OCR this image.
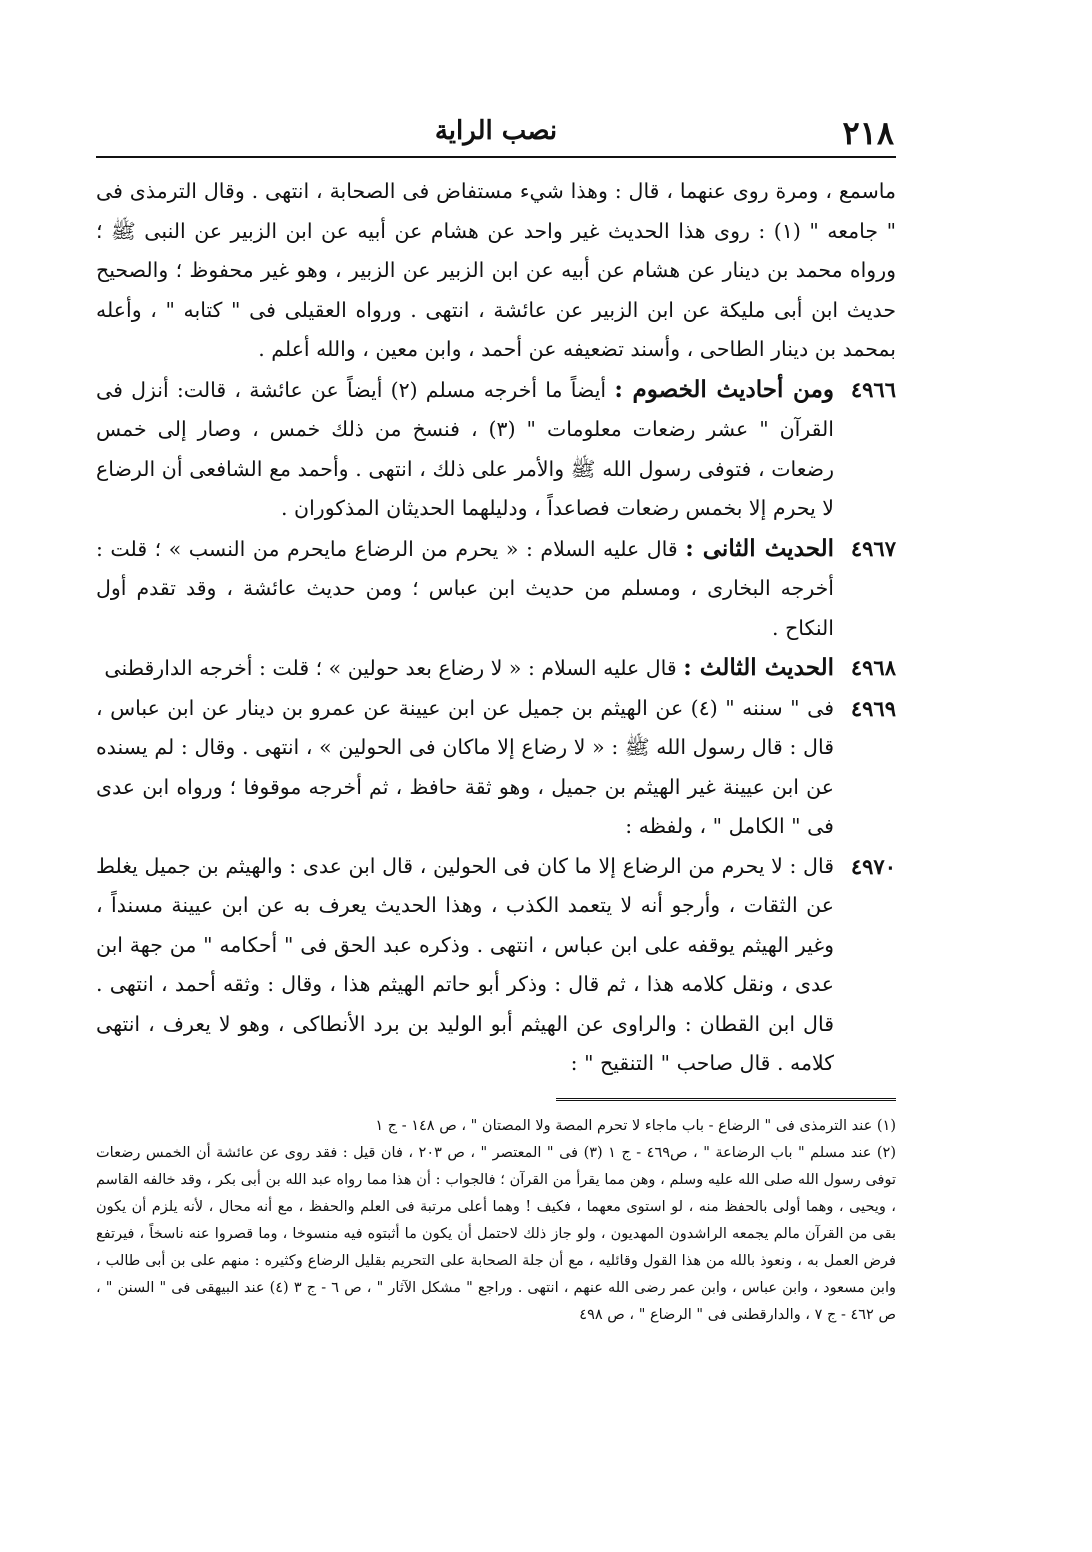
٢١٨
نصب الراية
ماسمع ، ومرة روى عنهما ، قال : وهذا شيء مستفاض فى الصحابة ، انتهى . وقال الترمذى فى " جامعه " (١) : روى هذا الحديث غير واحد عن هشام عن أبيه عن ابن الزبير عن النبى ﷺ ؛ ورواه محمد بن دينار عن هشام عن أبيه عن ابن الزبير عن الزبير ، وهو غير محفوظ ؛ والصحيح حديث ابن أبى مليكة عن ابن الزبير عن عائشة ، انتهى . ورواه العقيلى فى " كتابه " ، وأعله بمحمد بن دينار الطاحى ، وأسند تضعيفه عن أحمد ، وابن معين ، والله أعلم .
٤٩٦٦
ومن أحاديث الخصوم : أيضاً ما أخرجه مسلم (٢) أيضاً عن عائشة ، قالت: أنزل فى القرآن " عشر رضعات معلومات " (٣) ، فنسخ من ذلك خمس ، وصار إلى خمس رضعات ، فتوفى رسول الله ﷺ والأمر على ذلك ، انتهى . وأحمد مع الشافعى أن الرضاع لا يحرم إلا بخمس رضعات فصاعداً ، ودليلهما الحديثان المذكوران .
٤٩٦٧
الحديث الثانى : قال عليه السلام : « يحرم من الرضاع مايحرم من النسب » ؛ قلت : أخرجه البخارى ، ومسلم من حديث ابن عباس ؛ ومن حديث عائشة ، وقد تقدم أول النكاح .
٤٩٦٨
الحديث الثالث : قال عليه السلام : « لا رضاع بعد حولين » ؛ قلت : أخرجه الدارقطنى
٤٩٦٩
فى " سننه " (٤) عن الهيثم بن جميل عن ابن عيينة عن عمرو بن دينار عن ابن عباس ، قال : قال رسول الله ﷺ : « لا رضاع إلا ماكان فى الحولين » ، انتهى . وقال : لم يسنده عن ابن عيينة غير الهيثم بن جميل ، وهو ثقة حافظ ، ثم أخرجه موقوفا ؛ ورواه ابن عدى فى " الكامل " ، ولفظه :
٤٩٧٠
قال : لا يحرم من الرضاع إلا ما كان فى الحولين ، قال ابن عدى : والهيثم بن جميل يغلط عن الثقات ، وأرجو أنه لا يتعمد الكذب ، وهذا الحديث يعرف به عن ابن عيينة مسنداً ، وغير الهيثم يوقفه على ابن عباس ، انتهى . وذكره عبد الحق فى " أحكامه " من جهة ابن عدى ، ونقل كلامه هذا ، ثم قال : وذكر أبو حاتم الهيثم هذا ، وقال : وثقه أحمد ، انتهى . قال ابن القطان : والراوى عن الهيثم أبو الوليد بن برد الأنطاكى ، وهو لا يعرف ، انتهى كلامه . قال صاحب " التنقيح " :

(١) عند الترمذى فى " الرضاع - باب ماجاء لا تحرم المصة ولا المصتان " ، ص ١٤٨ - ج ١

(٢) عند مسلم " باب الرضاعة " ، ص٤٦٩ - ج ١ (٣) فى " المعتصر " ، ص ٢٠٣ ، فان قيل : فقد روى عن عائشة أن الخمس رضعات توفى رسول الله صلى الله عليه وسلم ، وهن مما يقرأ من القرآن ؛ فالجواب : أن هذا مما رواه عبد الله بن أبى بكر ، وقد خالفه القاسم ، ويحيى ، وهما أولى بالحفظ منه ، لو استوى معهما ، فكيف ! وهما أعلى مرتبة فى العلم والحفظ ، مع أنه محال ، لأنه يلزم أن يكون بقى من القرآن مالم يجمعه الراشدون المهديون ، ولو جاز ذلك لاحتمل أن يكون ما أثبتوه فيه منسوخا ، وما قصروا عنه ناسخاً ، فيرتفع فرض العمل به ، ونعوذ بالله من هذا القول وقائليه ، مع أن جلة الصحابة على التحريم بقليل الرضاع وكثيره : منهم على بن أبى طالب ، وابن مسعود ، وابن عباس ، وابن عمر رضى الله عنهم ، انتهى . وراجع " مشكل الآثار " ، ص ٦ - ج ٣ (٤) عند البيهقى فى " السنن " ، ص ٤٦٢ - ج ٧ ، والدارقطنى فى " الرضاع " ، ص ٤٩٨
